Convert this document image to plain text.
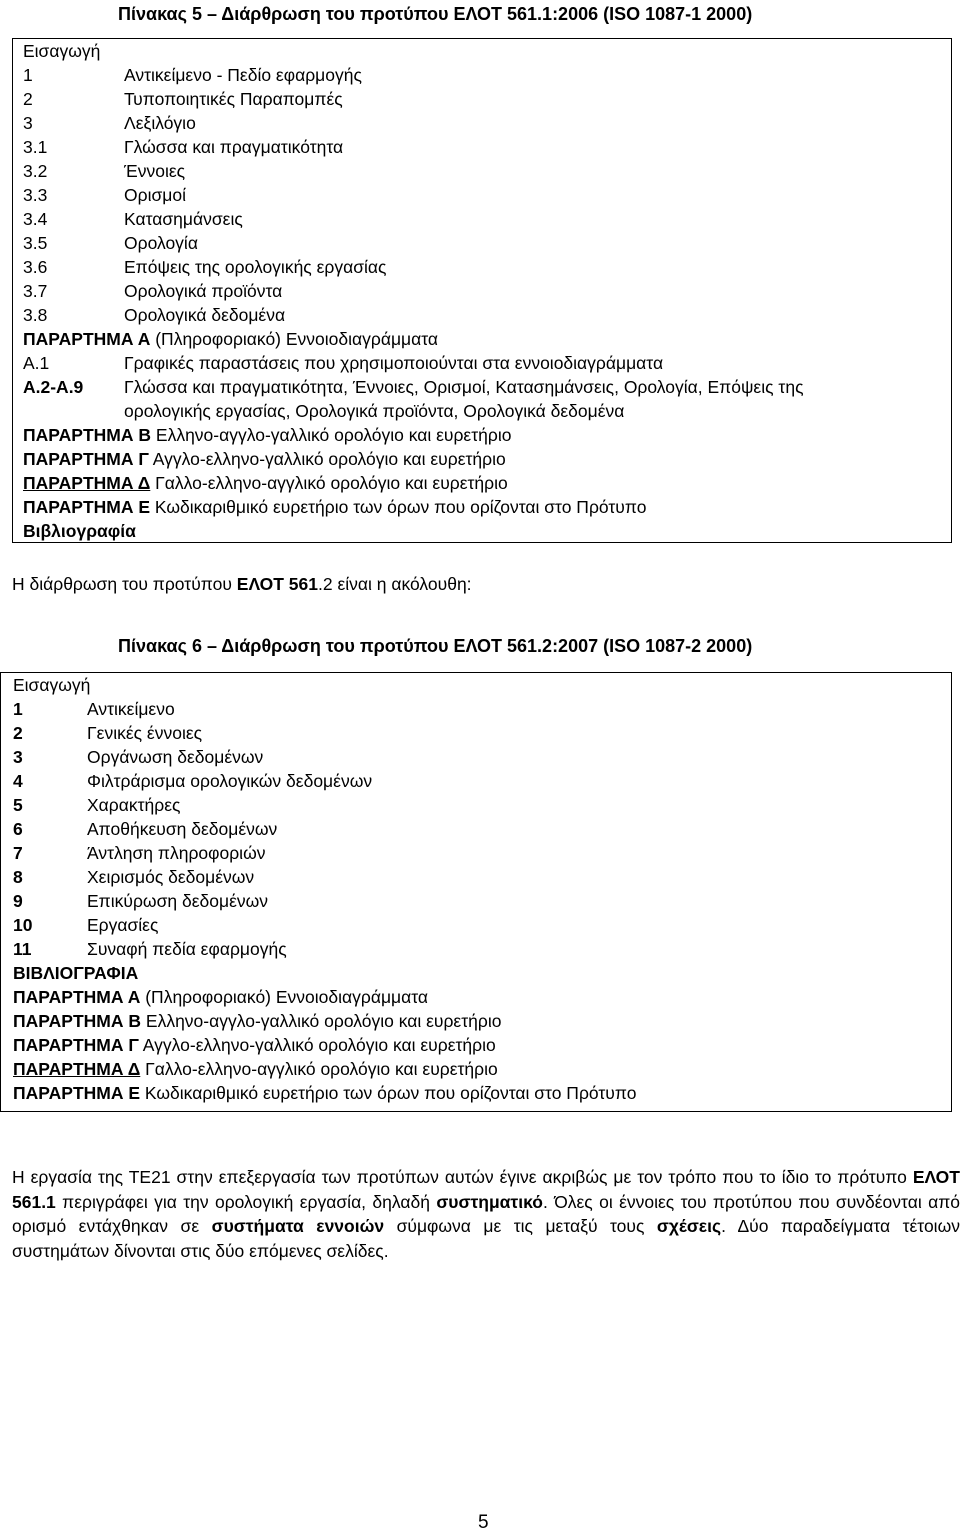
Πίνακας 5 – Διάρθρωση του προτύπου ΕΛΟΤ 561.1:2006 (ISO 1087-1 2000)
Εισαγωγή
1	Αντικείμενο - Πεδίο εφαρμογής
2	Τυποποιητικές Παραπομπές
3	Λεξιλόγιο
3.1	Γλώσσα και πραγματικότητα
3.2	Έννοιες
3.3	Ορισμοί
3.4	Κατασημάνσεις
3.5	Ορολογία
3.6	Επόψεις της ορολογικής εργασίας
3.7	Ορολογικά προϊόντα
3.8	Ορολογικά δεδομένα
ΠΑΡΑΡΤΗΜΑ Α (Πληροφοριακό) Εννοιοδιαγράμματα
Α.1	Γραφικές παραστάσεις που χρησιμοποιούνται στα εννοιοδιαγράμματα
Α.2-Α.9 Γλώσσα και πραγματικότητα, Έννοιες, Ορισμοί, Κατασημάνσεις, Ορολογία, Επόψεις της
ορολογικής εργασίας, Ορολογικά προϊόντα, Ορολογικά δεδομένα
ΠΑΡΑΡΤΗΜΑ Β Ελληνο-αγγλο-γαλλικό ορολόγιο και ευρετήριο
ΠΑΡΑΡΤΗΜΑ Γ Αγγλο-ελληνο-γαλλικό ορολόγιο και ευρετήριο
ΠΑΡΑΡΤΗΜΑ Δ Γαλλο-ελληνο-αγγλικό ορολόγιο και ευρετήριο
ΠΑΡΑΡΤΗΜΑ Ε Κωδικαριθμικό ευρετήριο των όρων που ορίζονται στο Πρότυπο
Βιβλιογραφία
Η διάρθρωση του προτύπου ΕΛΟΤ 561.2 είναι η ακόλουθη:
Πίνακας 6 – Διάρθρωση του προτύπου ΕΛΟΤ 561.2:2007 (ISO 1087-2 2000)
Εισαγωγή
1	Αντικείμενο
2	Γενικές έννοιες
3	Οργάνωση δεδομένων
4	Φιλτράρισμα ορολογικών δεδομένων
5	Χαρακτήρες
6	Αποθήκευση δεδομένων
7	Άντληση πληροφοριών
8	Χειρισμός δεδομένων
9	Επικύρωση δεδομένων
10	Εργασίες
11	Συναφή πεδία εφαρμογής
ΒΙΒΛΙΟΓΡΑΦΙΑ
ΠΑΡΑΡΤΗΜΑ Α (Πληροφοριακό) Εννοιοδιαγράμματα
ΠΑΡΑΡΤΗΜΑ Β Ελληνο-αγγλο-γαλλικό ορολόγιο και ευρετήριο
ΠΑΡΑΡΤΗΜΑ Γ Αγγλο-ελληνο-γαλλικό ορολόγιο και ευρετήριο
ΠΑΡΑΡΤΗΜΑ Δ Γαλλο-ελληνο-αγγλικό ορολόγιο και ευρετήριο
ΠΑΡΑΡΤΗΜΑ Ε Κωδικαριθμικό ευρετήριο των όρων που ορίζονται στο Πρότυπο

Η εργασία της ΤΕ21 στην επεξεργασία των προτύπων αυτών έγινε ακριβώς με τον τρόπο που το ίδιο το πρότυπο ΕΛΟΤ 561.1 περιγράφει για την ορολογική εργασία, δηλαδή συστηματικό. Όλες οι έννοιες του προτύπου που συνδέονται από ορισμό εντάχθηκαν σε συστήματα εννοιών σύμφωνα με τις μεταξύ τους σχέσεις. Δύο παραδείγματα τέτοιων συστημάτων δίνονται στις δύο επόμενες σελίδες.

5
